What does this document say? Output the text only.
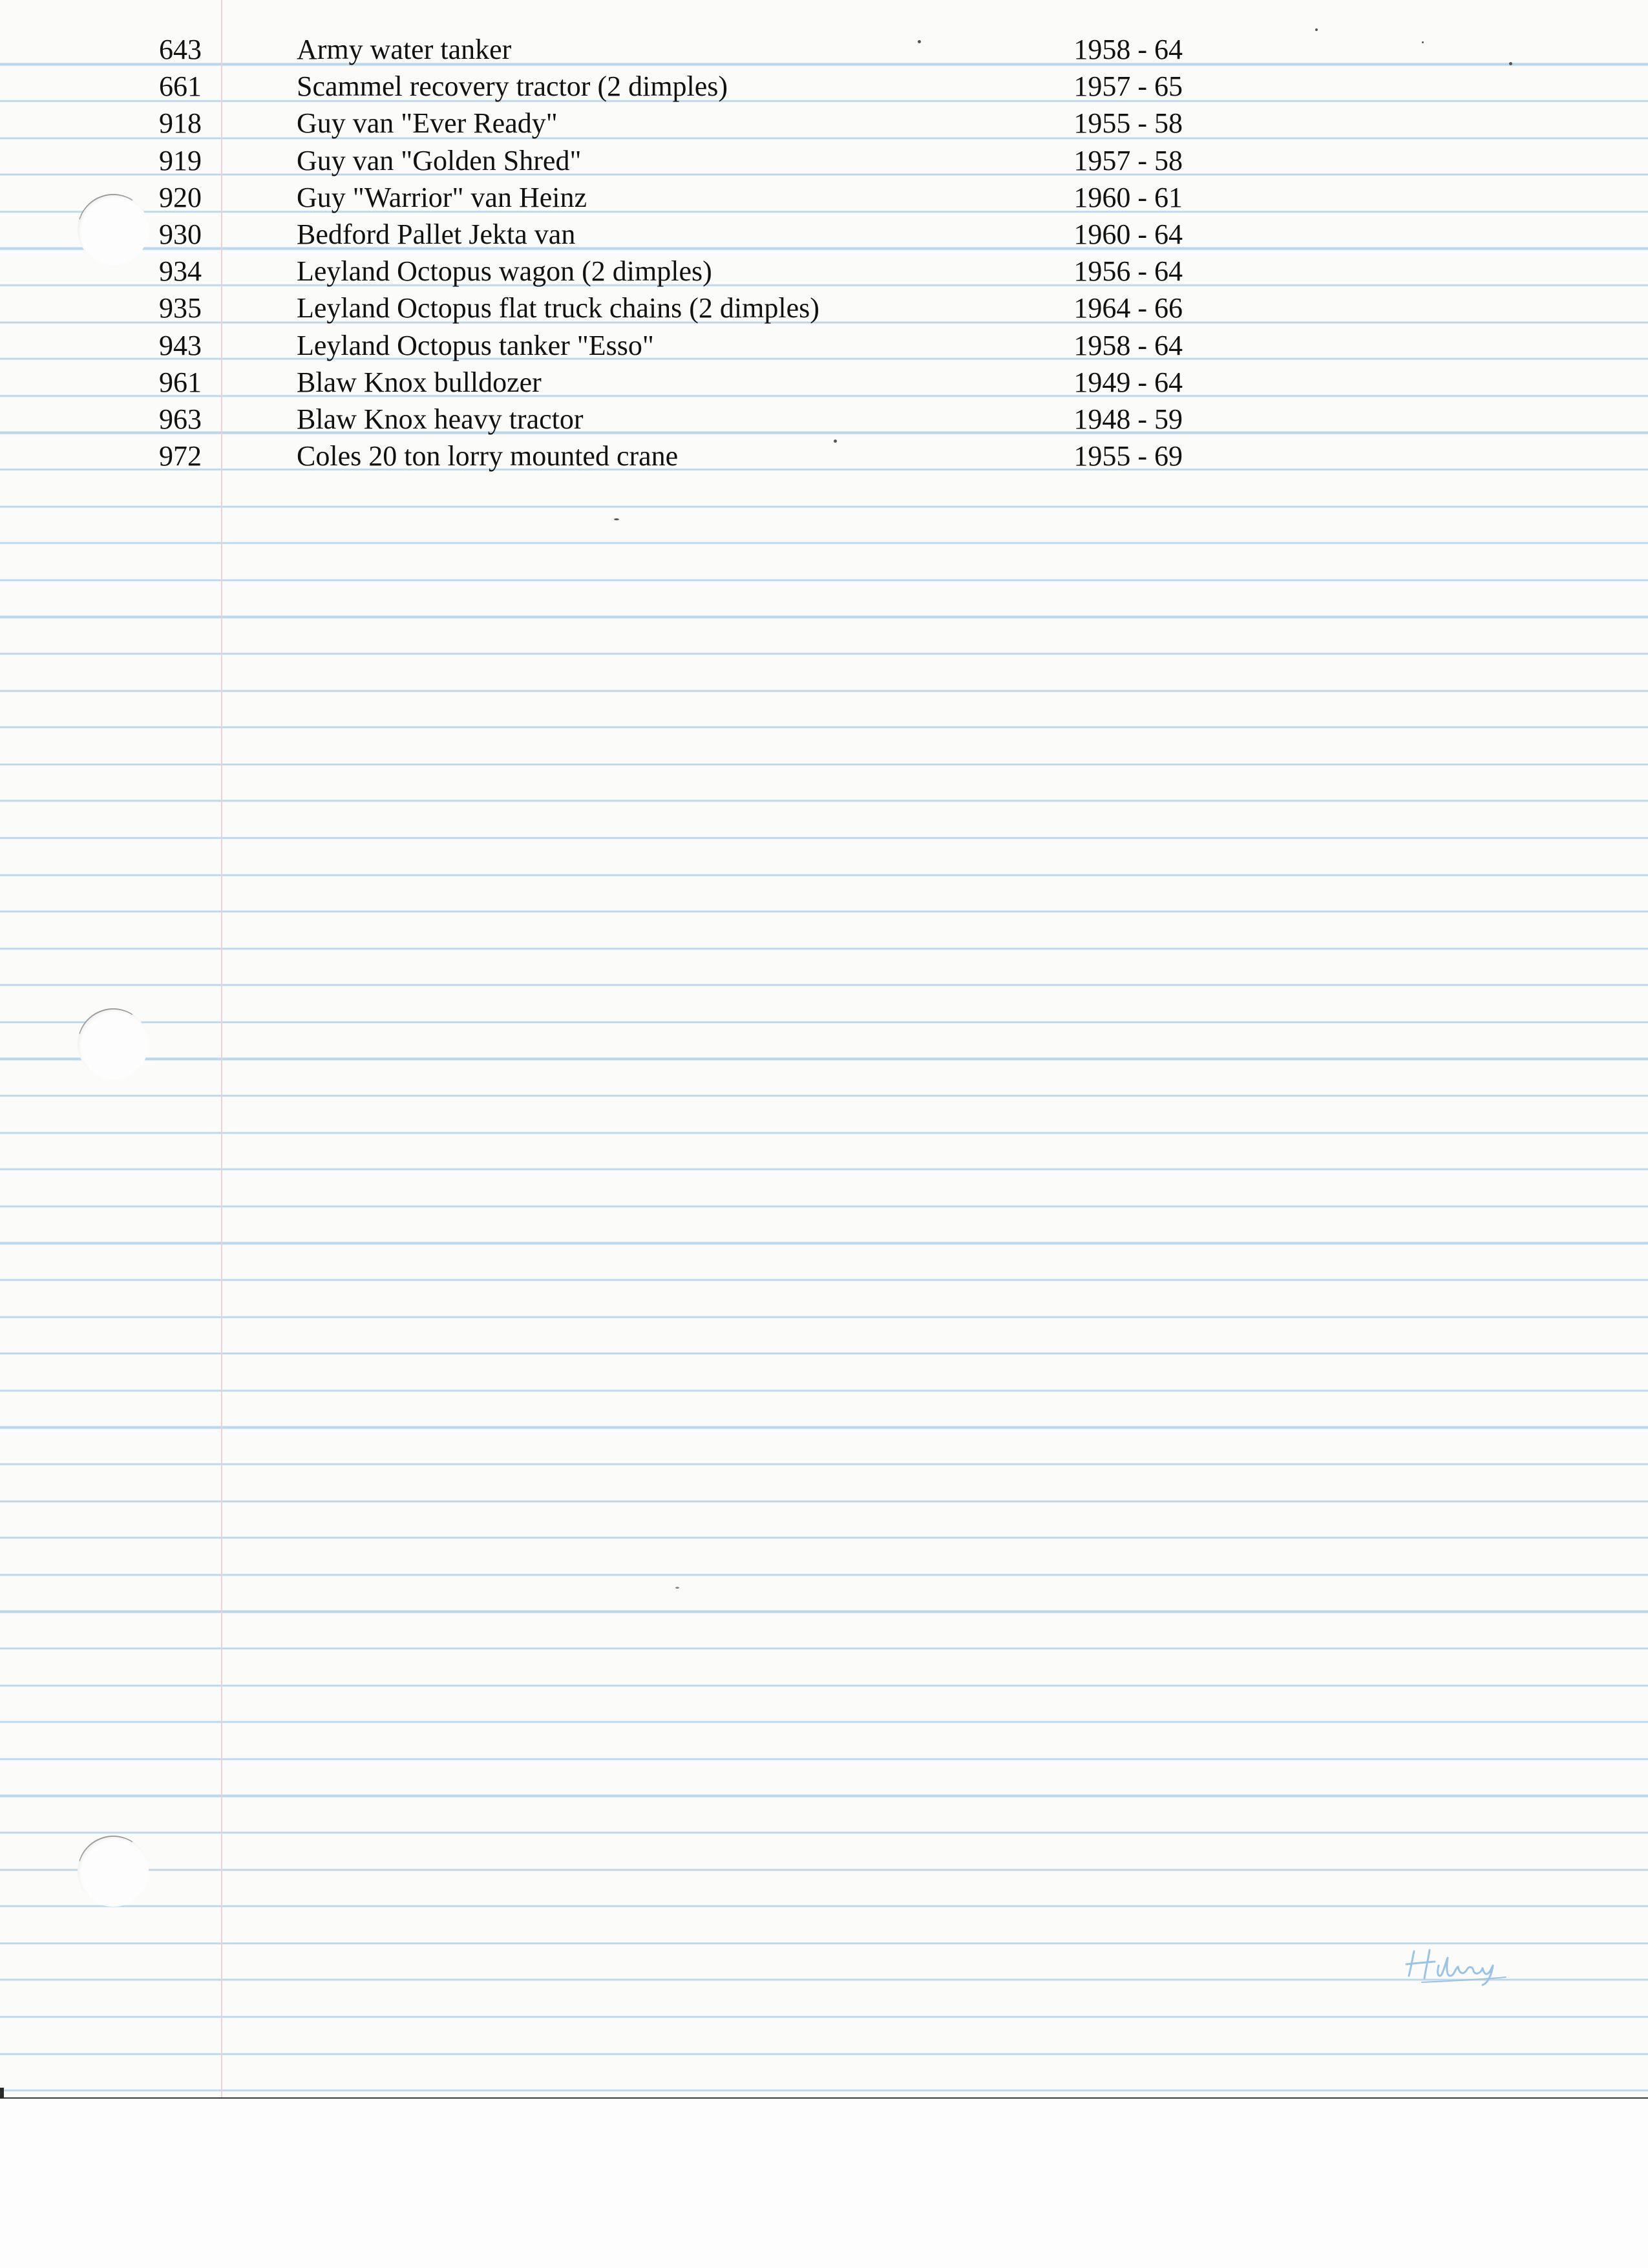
643	Army water tanker	1958 - 64
661	Scammel recovery tractor (2 dimples)	1957 - 65
918	Guy van "Ever Ready"	1955 - 58
919	Guy van "Golden Shred"	1957 - 58
920	Guy "Warrior" van Heinz	1960 - 61
930	Bedford Pallet Jekta van	1960 - 64
934	Leyland Octopus wagon (2 dimples)	1956 - 64
935	Leyland Octopus flat truck chains (2 dimples)	1964 - 66
943	Leyland Octopus tanker "Esso"	1958 - 64
961	Blaw Knox bulldozer	1949 - 64
963	Blaw Knox heavy tractor	1948 - 59
972	Coles 20 ton lorry mounted crane	1955 - 69
